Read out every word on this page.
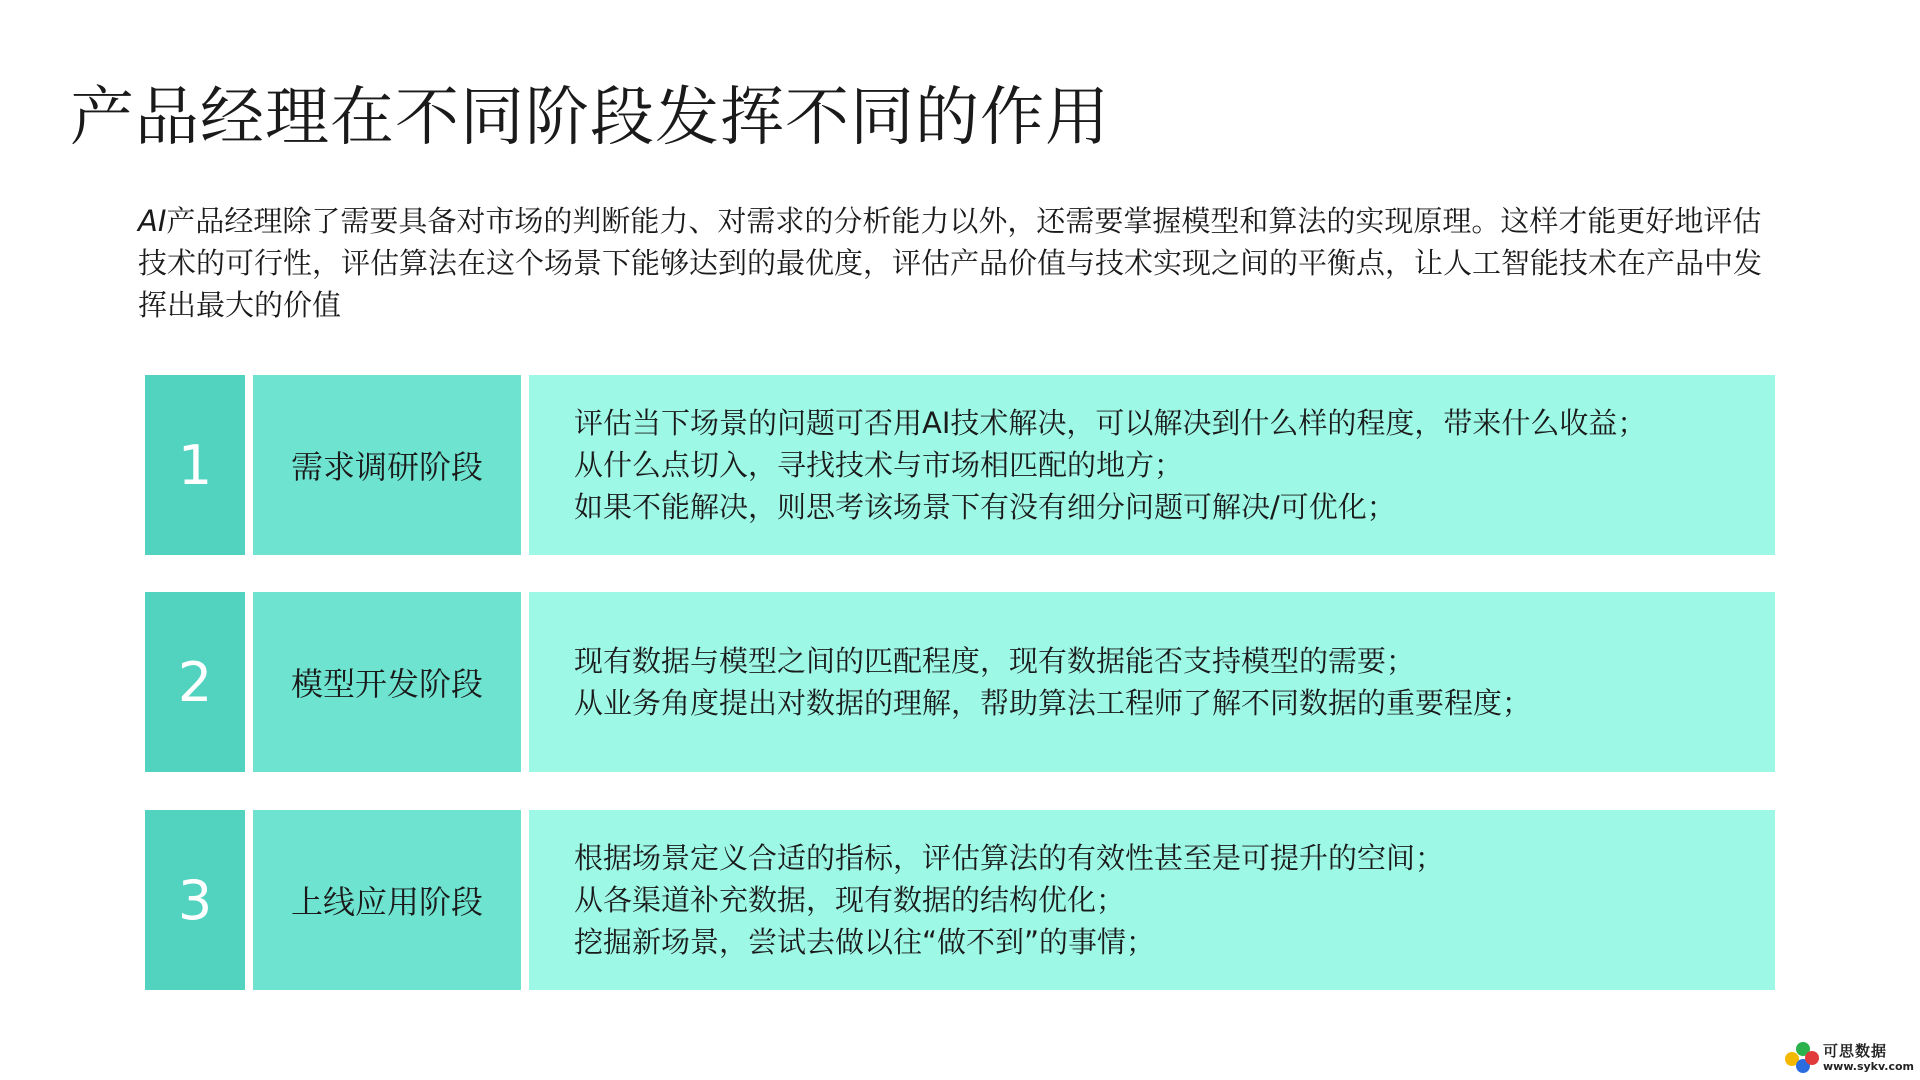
产品经理在不同阶段发挥不同的作用

AI产品经理除了需要具备对市场的判断能力、对需求的分析能力以外，还需要掌握模型和算法的实现原理。这样才能更好地评估技术的可行性，评估算法在这个场景下能够达到的最优度，评估产品价值与技术实现之间的平衡点，让人工智能技术在产品中发挥出最大的价值

1	需求调研阶段
评估当下场景的问题可否用AI技术解决，可以解决到什么样的程度，带来什么收益；
从什么点切入，寻找技术与市场相匹配的地方；
如果不能解决，则思考该场景下有没有细分问题可解决/可优化；
2	模型开发阶段
现有数据与模型之间的匹配程度，现有数据能否支持模型的需要；
从业务角度提出对数据的理解，帮助算法工程师了解不同数据的重要程度；
3	上线应用阶段
根据场景定义合适的指标，评估算法的有效性甚至是可提升的空间；
从各渠道补充数据，现有数据的结构优化；
挖掘新场景，尝试去做以往“做不到”的事情；
可思数据
www.sykv.com
